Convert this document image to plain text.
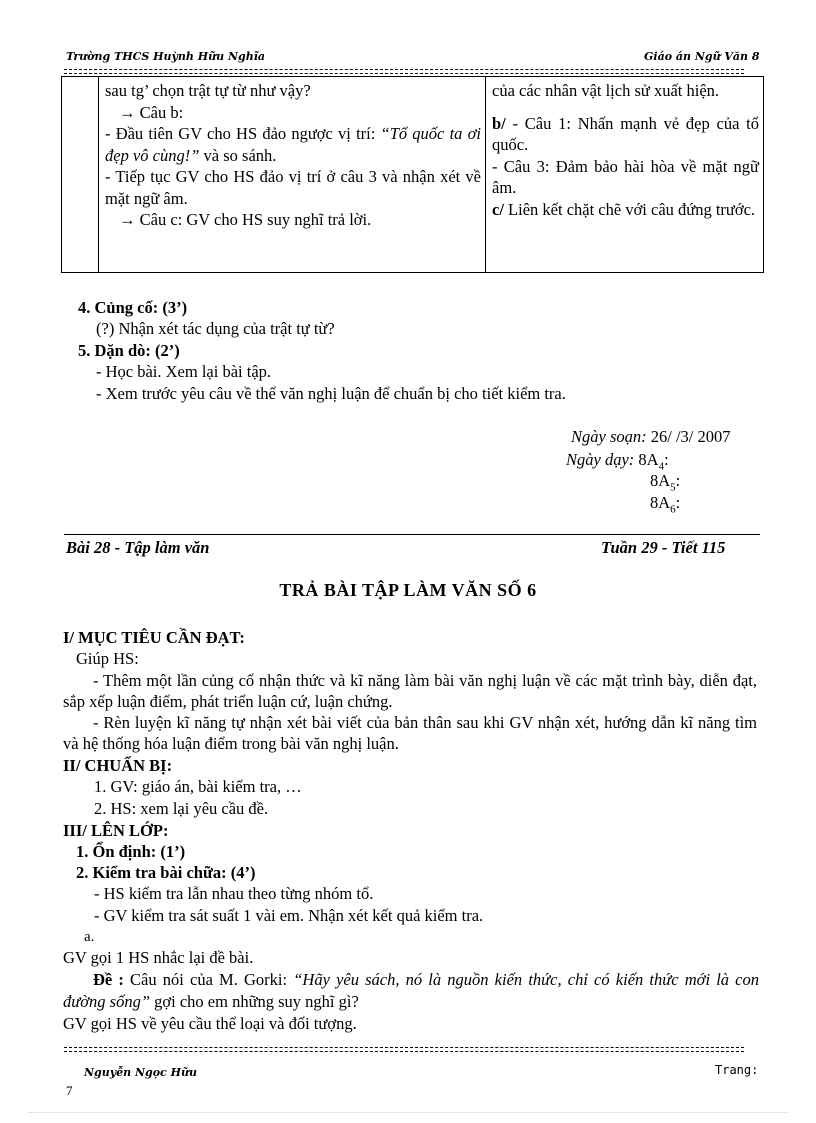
Trường THCS Huỳnh Hữu Nghĩa	Giáo án Ngữ Văn 8

sau tg’ chọn trật tự từ như vậy?
→ Câu b:
- Đầu tiên GV cho HS đảo ngược vị trí: “Tổ quốc ta ơi đẹp vô cùng!” và so sánh.
- Tiếp tục GV cho HS đảo vị trí ở câu 3 và nhận xét về mặt ngữ âm.
→ Câu c: GV cho HS suy nghĩ trả lời.

của các nhân vật lịch sử xuất hiện.
b/ - Câu 1: Nhấn mạnh vẻ đẹp của tổ quốc.
- Câu 3: Đảm bảo hài hòa về mặt ngữ âm.
c/ Liên kết chặt chẽ với câu đứng trước.
4. Củng cố: (3’)
(?) Nhận xét tác dụng của trật tự từ?
5. Dặn dò: (2’)
- Học bài. Xem lại bài tập.
- Xem trước yêu câu về thể văn nghị luận để chuẩn bị cho tiết kiểm tra.
Ngày soạn: 26/ /3/ 2007
Ngày dạy: $8A_4$:
$8A_5$:
$8A_6$:
Bài 28 - Tập làm văn	Tuần 29 - Tiết 115
TRẢ BÀI TẬP LÀM VĂN SỐ 6
I/ MỤC TIÊU CẦN ĐẠT:
Giúp HS:
- Thêm một lần củng cố nhận thức và kĩ năng làm bài văn nghị luận về các mặt trình bày, diễn đạt, sắp xếp luận điểm, phát triển luận cứ, luận chứng.
- Rèn luyện kĩ năng tự nhận xét bài viết của bản thân sau khi GV nhận xét, hướng dẫn kĩ năng tìm và hệ thống hóa luận điểm trong bài văn nghị luận.
II/ CHUẨN BỊ:
1. GV: giáo án, bài kiểm tra, …
2. HS: xem lại yêu cầu đề.
III/ LÊN LỚP:
1. Ổn định: (1’)
2. Kiểm tra bài chữa: (4’)
- HS kiểm tra lẫn nhau theo từng nhóm tổ.
- GV kiểm tra sát suất 1 vài em. Nhận xét kết quả kiểm tra.
a.
GV gọi 1 HS nhắc lại đề bài.
Đề : Câu nói của M. Gorki: “Hãy yêu sách, nó là nguồn kiến thức, chỉ có kiến thức mới là con đường sống” gợi cho em những suy nghĩ gì?
GV gọi HS về yêu cầu thể loại và đối tượng.
Nguyễn Ngọc Hữu	Trang:
7
